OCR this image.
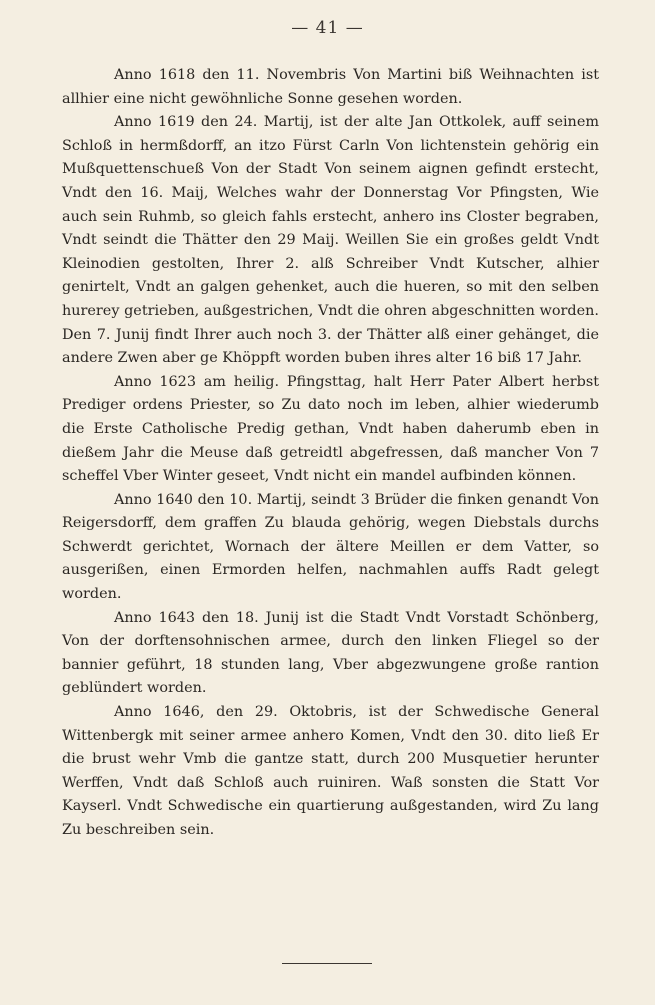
— 41 —

Anno 1618 den 11. Novembris Von Martini biß Weihnachten ist allhier eine nicht gewöhnliche Sonne gesehen worden.

Anno 1619 den 24. Martij, ist der alte Jan Ottkolek, auff seinem Schloß in hermßdorff, an itzo Fürst Carln Von lichtenstein gehörig ein Mußquettenschueß Von der Stadt Von seinem aignen gefindt erstecht, Vndt den 16. Maij, Welches wahr der Donnerstag Vor Pfingsten, Wie auch sein Ruhmb, so gleich fahls erstecht, anhero ins Closter begraben, Vndt seindt die Thätter den 29 Maij. Weillen Sie ein großes geldt Vndt Kleinodien gestolten, Ihrer 2. alß Schreiber Vndt Kutscher, alhier genirtelt, Vndt an galgen gehenket, auch die hueren, so mit den selben hurerey getrieben, außgestrichen, Vndt die ohren abgeschnitten worden. Den 7. Junij findt Ihrer auch noch 3. der Thätter alß einer gehänget, die andere Zwen aber ge Khöppft worden buben ihres alter 16 biß 17 Jahr.

Anno 1623 am heilig. Pfingsttag, halt Herr Pater Albert herbst Prediger ordens Priester, so Zu dato noch im leben, alhier wiederumb die Erste Catholische Predig gethan, Vndt haben daherumb eben in dießem Jahr die Meuse daß getreidtl abgefressen, daß mancher Von 7 scheffel Vber Winter geseet, Vndt nicht ein mandel aufbinden können.

Anno 1640 den 10. Martij, seindt 3 Brüder die finken genandt Von Reigersdorff, dem graffen Zu blauda gehörig, wegen Diebstals durchs Schwerdt gerichtet, Wornach der ältere Meillen er dem Vatter, so ausgerißen, einen Ermorden helfen, nachmahlen auffs Radt gelegt worden.

Anno 1643 den 18. Junij ist die Stadt Vndt Vorstadt Schönberg, Von der dorftensohnischen armee, durch den linken Fliegel so der bannier geführt, 18 stunden lang, Vber abgezwungene große rantion geblündert worden.

Anno 1646, den 29. Oktobris, ist der Schwedische General Wittenbergk mit seiner armee anhero Komen, Vndt den 30. dito ließ Er die brust wehr Vmb die gantze statt, durch 200 Musquetier herunter Werffen, Vndt daß Schloß auch ruiniren. Waß sonsten die Statt Vor Kayserl. Vndt Schwedische ein quartierung außgestanden, wird Zu lang Zu beschreiben sein.
